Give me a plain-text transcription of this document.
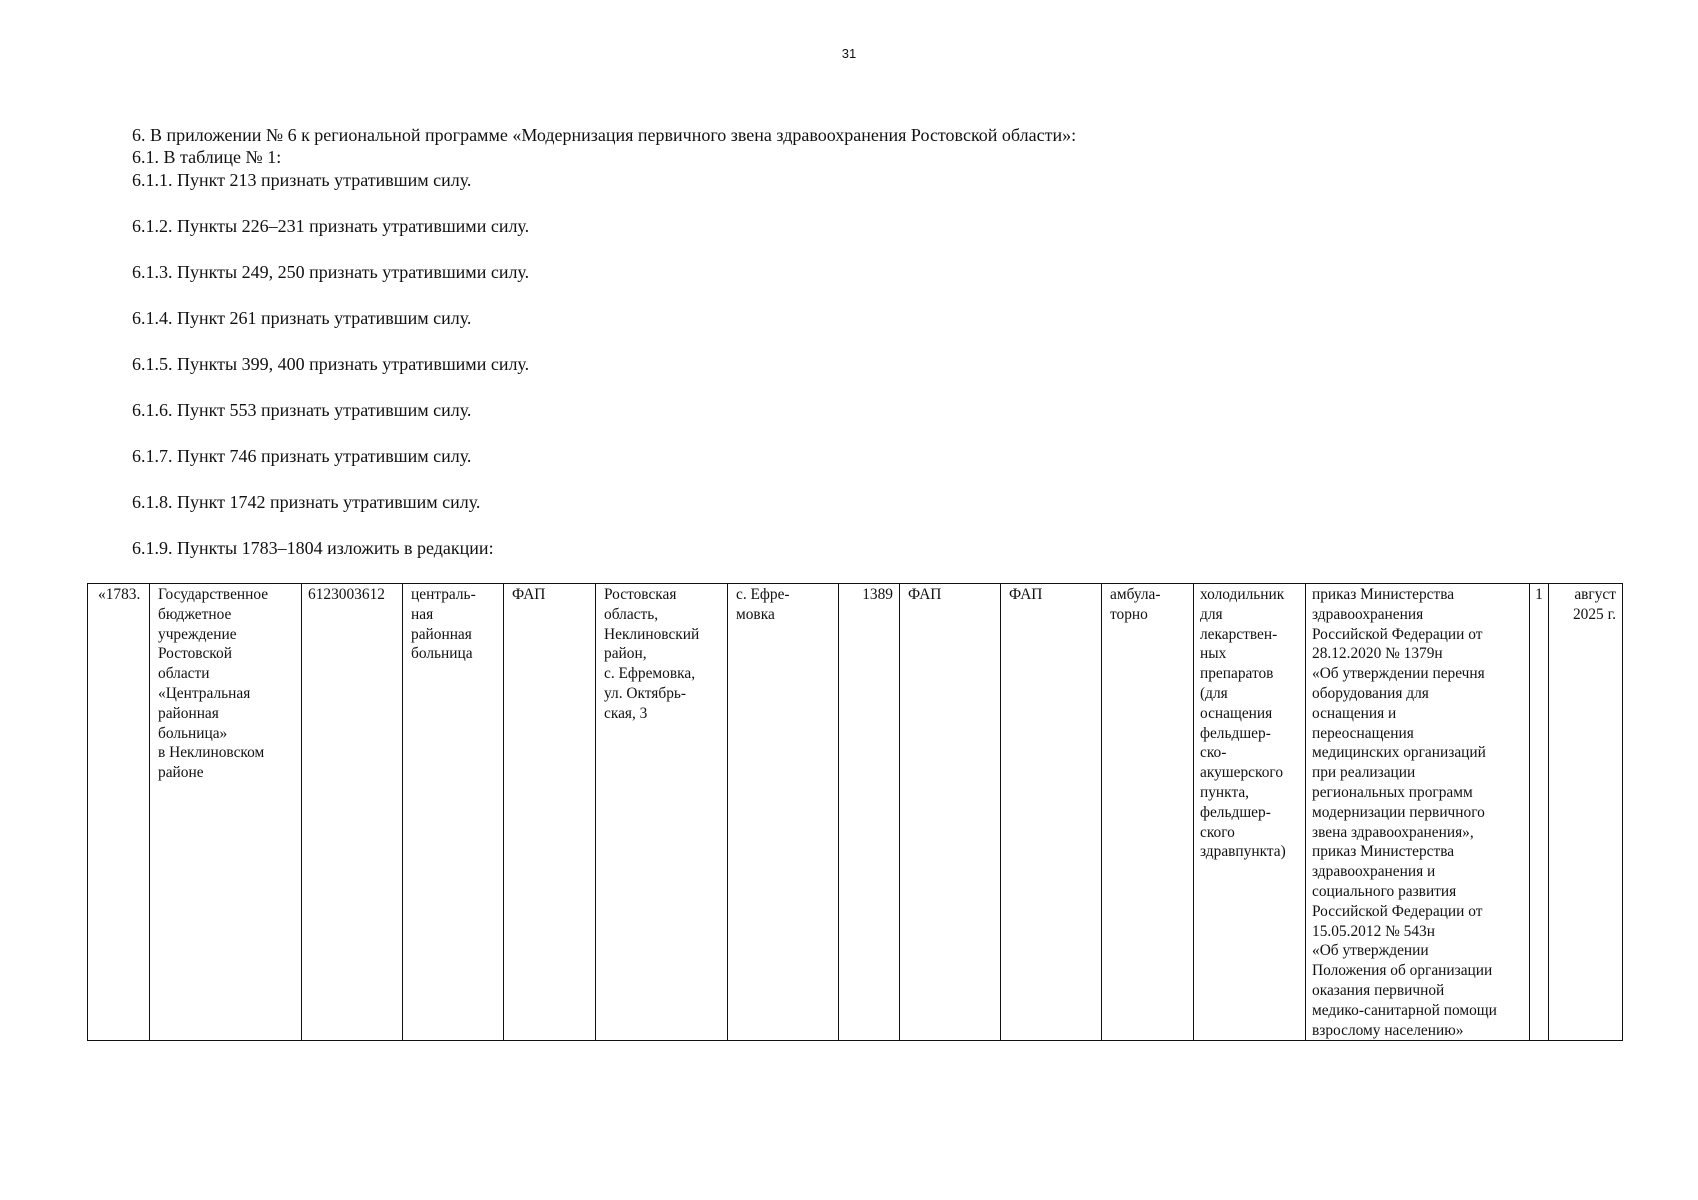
31

6. В приложении № 6 к региональной программе «Модернизация первичного звена здравоохранения Ростовской области»:

6.1. В таблице № 1:

6.1.1. Пункт 213 признать утратившим силу.

6.1.2. Пункты 226–231 признать утратившими силу.

6.1.3. Пункты 249, 250 признать утратившими силу.

6.1.4. Пункт 261 признать утратившим силу.

6.1.5. Пункты 399, 400 признать утратившими силу.

6.1.6. Пункт 553 признать утратившим силу.

6.1.7. Пункт 746 признать утратившим силу.

6.1.8. Пункт 1742 признать утратившим силу.

6.1.9. Пункты 1783–1804 изложить в редакции:

«1783.	Государственное
бюджетное
учреждение
Ростовской
области
«Центральная
районная
больница»
в Неклиновском
районе	6123003612	централь-
ная
районная
больница	ФАП	Ростовская
область,
Неклиновский
район,
с. Ефремовка,
ул. Октябрь-
ская, 3	с. Ефре-
мовка	1389	ФАП	ФАП	амбула-
торно	холодильник
для
лекарствен-
ных
препаратов
(для
оснащения
фельдшер-
ско-
акушерского
пункта,
фельдшер-
ского
здравпункта)	приказ Министерства
здравоохранения
Российской Федерации от
28.12.2020 № 1379н
«Об утверждении перечня
оборудования для
оснащения и
переоснащения
медицинских организаций
при реализации
региональных программ
модернизации первичного
звена здравоохранения»,
приказ Министерства
здравоохранения и
социального развития
Российской Федерации от
15.05.2012 № 543н
«Об утверждении
Положения об организации
оказания первичной
медико-санитарной помощи
взрослому населению»	1	август
2025 г.
